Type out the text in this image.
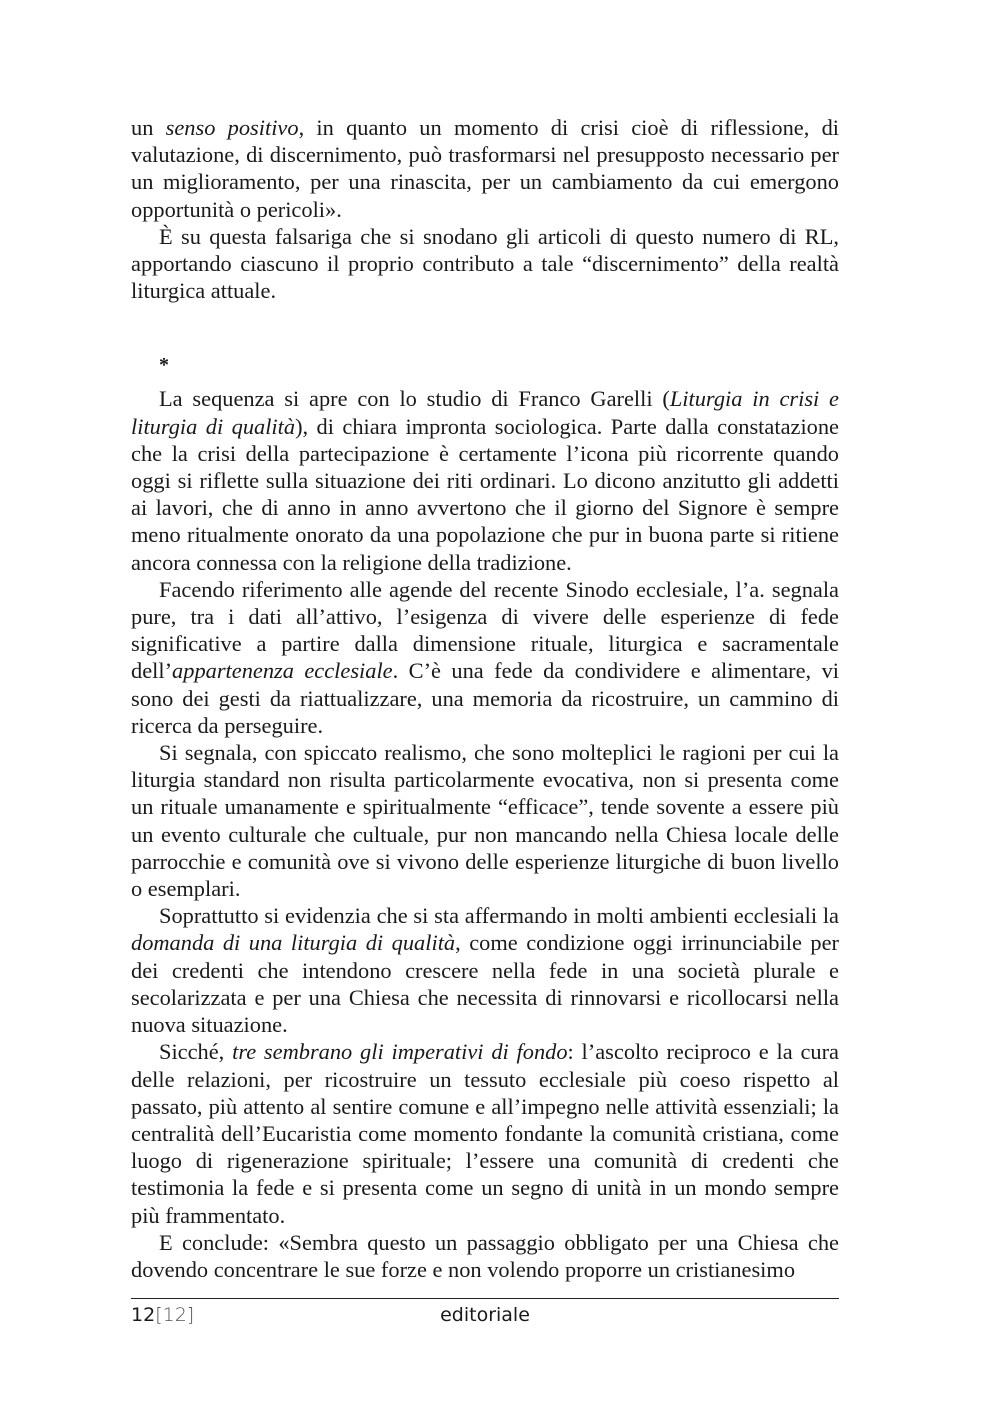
un senso positivo, in quanto un momento di crisi cioè di riflessione, di valutazione, di discernimento, può trasformarsi nel presupposto necessario per un miglioramento, per una rinascita, per un cambiamento da cui emergono opportunità o pericoli».

È su questa falsariga che si snodano gli articoli di questo numero di RL, apportando ciascuno il proprio contributo a tale “discernimento” della realtà liturgica attuale.

*

La sequenza si apre con lo studio di Franco Garelli (Liturgia in crisi e liturgia di qualità), di chiara impronta sociologica. Parte dalla constatazione che la crisi della partecipazione è certamente l’icona più ricorrente quando oggi si riflette sulla situazione dei riti ordinari. Lo dicono anzitutto gli addetti ai lavori, che di anno in anno avvertono che il giorno del Signore è sempre meno ritualmente onorato da una popolazione che pur in buona parte si ritiene ancora connessa con la religione della tradizione.

Facendo riferimento alle agende del recente Sinodo ecclesiale, l’a. segnala pure, tra i dati all’attivo, l’esigenza di vivere delle esperienze di fede significative a partire dalla dimensione rituale, liturgica e sacramentale dell’appartenenza ecclesiale. C’è una fede da condividere e alimentare, vi sono dei gesti da riattualizzare, una memoria da ricostruire, un cammino di ricerca da perseguire.

Si segnala, con spiccato realismo, che sono molteplici le ragioni per cui la liturgia standard non risulta particolarmente evocativa, non si presenta come un rituale umanamente e spiritualmente “efficace”, tende sovente a essere più un evento culturale che cultuale, pur non mancando nella Chiesa locale delle parrocchie e comunità ove si vivono delle esperienze liturgiche di buon livello o esemplari.

Soprattutto si evidenzia che si sta affermando in molti ambienti ecclesiali la domanda di una liturgia di qualità, come condizione oggi irrinunciabile per dei credenti che intendono crescere nella fede in una società plurale e secolarizzata e per una Chiesa che necessita di rinnovarsi e ricollocarsi nella nuova situazione.

Sicché, tre sembrano gli imperativi di fondo: l’ascolto reciproco e la cura delle relazioni, per ricostruire un tessuto ecclesiale più coeso rispetto al passato, più attento al sentire comune e all’impegno nelle attività essenziali; la centralità dell’Eucaristia come momento fondante la comunità cristiana, come luogo di rigenerazione spirituale; l’essere una comunità di credenti che testimonia la fede e si presenta come un segno di unità in un mondo sempre più frammentato.

E conclude: «Sembra questo un passaggio obbligato per una Chiesa che dovendo concentrare le sue forze e non volendo proporre un cristianesimo

12[12]	editoriale
